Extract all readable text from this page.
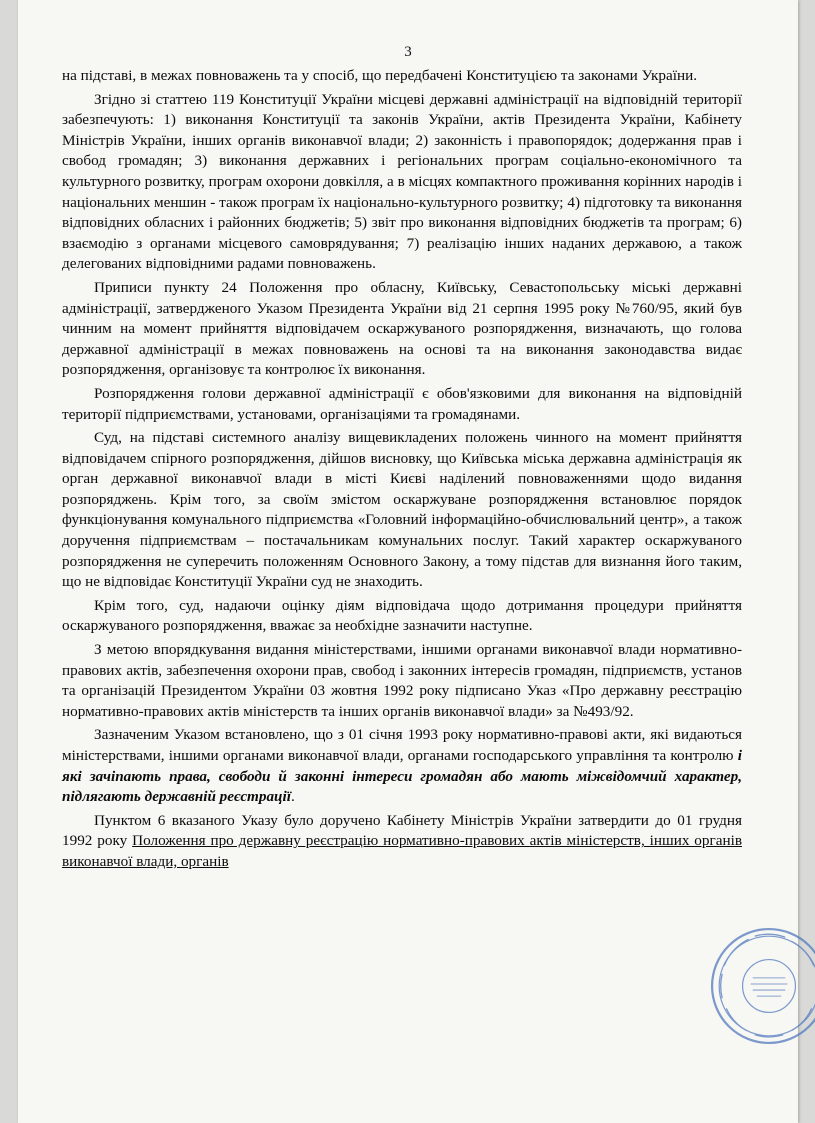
3

на підставі, в межах повноважень та у спосіб, що передбачені Конституцією та законами України.

Згідно зі статтею 119 Конституції України місцеві державні адміністрації на відповідній території забезпечують: 1) виконання Конституції та законів України, актів Президента України, Кабінету Міністрів України, інших органів виконавчої влади; 2) законність і правопорядок; додержання прав і свобод громадян; 3) виконання державних і регіональних програм соціально-економічного та культурного розвитку, програм охорони довкілля, а в місцях компактного проживання корінних народів і національних меншин - також програм їх національно-культурного розвитку; 4) підготовку та виконання відповідних обласних і районних бюджетів; 5) звіт про виконання відповідних бюджетів та програм; 6) взаємодію з органами місцевого самоврядування; 7) реалізацію інших наданих державою, а також делегованих відповідними радами повноважень.

Приписи пункту 24 Положення про обласну, Київську, Севастопольську міські державні адміністрації, затвердженого Указом Президента України від 21 серпня 1995 року №760/95, який був чинним на момент прийняття відповідачем оскаржуваного розпорядження, визначають, що голова державної адміністрації в межах повноважень на основі та на виконання законодавства видає розпорядження, організовує та контролює їх виконання.

Розпорядження голови державної адміністрації є обов'язковими для виконання на відповідній території підприємствами, установами, організаціями та громадянами.

Суд, на підставі системного аналізу вищевикладених положень чинного на момент прийняття відповідачем спірного розпорядження, дійшов висновку, що Київська міська державна адміністрація як орган державної виконавчої влади в місті Києві наділений повноваженнями щодо видання розпоряджень. Крім того, за своїм змістом оскаржуване розпорядження встановлює порядок функціонування комунального підприємства «Головний інформаційно-обчислювальний центр», а також доручення підприємствам – постачальникам комунальних послуг. Такий характер оскаржуваного розпорядження не суперечить положенням Основного Закону, а тому підстав для визнання його таким, що не відповідає Конституції України суд не знаходить.

Крім того, суд, надаючи оцінку діям відповідача щодо дотримання процедури прийняття оскаржуваного розпорядження, вважає за необхідне зазначити наступне.

З метою впорядкування видання міністерствами, іншими органами виконавчої влади нормативно-правових актів, забезпечення охорони прав, свобод і законних інтересів громадян, підприємств, установ та організацій Президентом України 03 жовтня 1992 року підписано Указ «Про державну реєстрацію нормативно-правових актів міністерств та інших органів виконавчої влади» за №493/92.

Зазначеним Указом встановлено, що з 01 січня 1993 року нормативно-правові акти, які видаються міністерствами, іншими органами виконавчої влади, органами господарського управління та контролю і які зачіпають права, свободи й законні інтереси громадян або мають міжвідомчий характер, підлягають державній реєстрації.

Пунктом 6 вказаного Указу було доручено Кабінету Міністрів України затвердити до 01 грудня 1992 року Положення про державну реєстрацію нормативно-правових актів міністерств, інших органів виконавчої влади, органів
